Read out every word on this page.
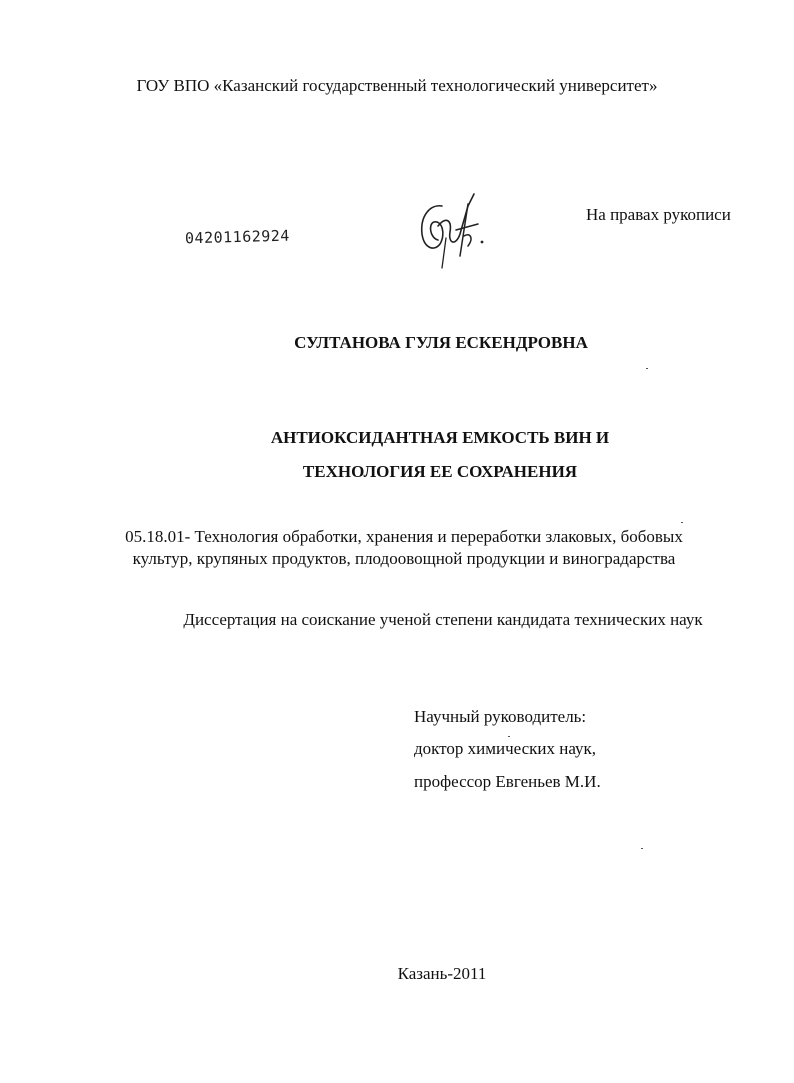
ГОУ ВПО «Казанский государственный технологический университет»
04201162924
На правах рукописи
СУЛТАНОВА ГУЛЯ ЕСКЕНДРОВНА
АНТИОКСИДАНТНАЯ ЕМКОСТЬ ВИН И
ТЕХНОЛОГИЯ ЕЕ СОХРАНЕНИЯ
05.18.01- Технология обработки, хранения и переработки злаковых, бобовых
культур, крупяных продуктов, плодоовощной продукции и виноградарства
Диссертация на соискание ученой степени кандидата технических наук
Научный руководитель:
доктор химических наук,
профессор Евгеньев М.И.
Казань-2011
